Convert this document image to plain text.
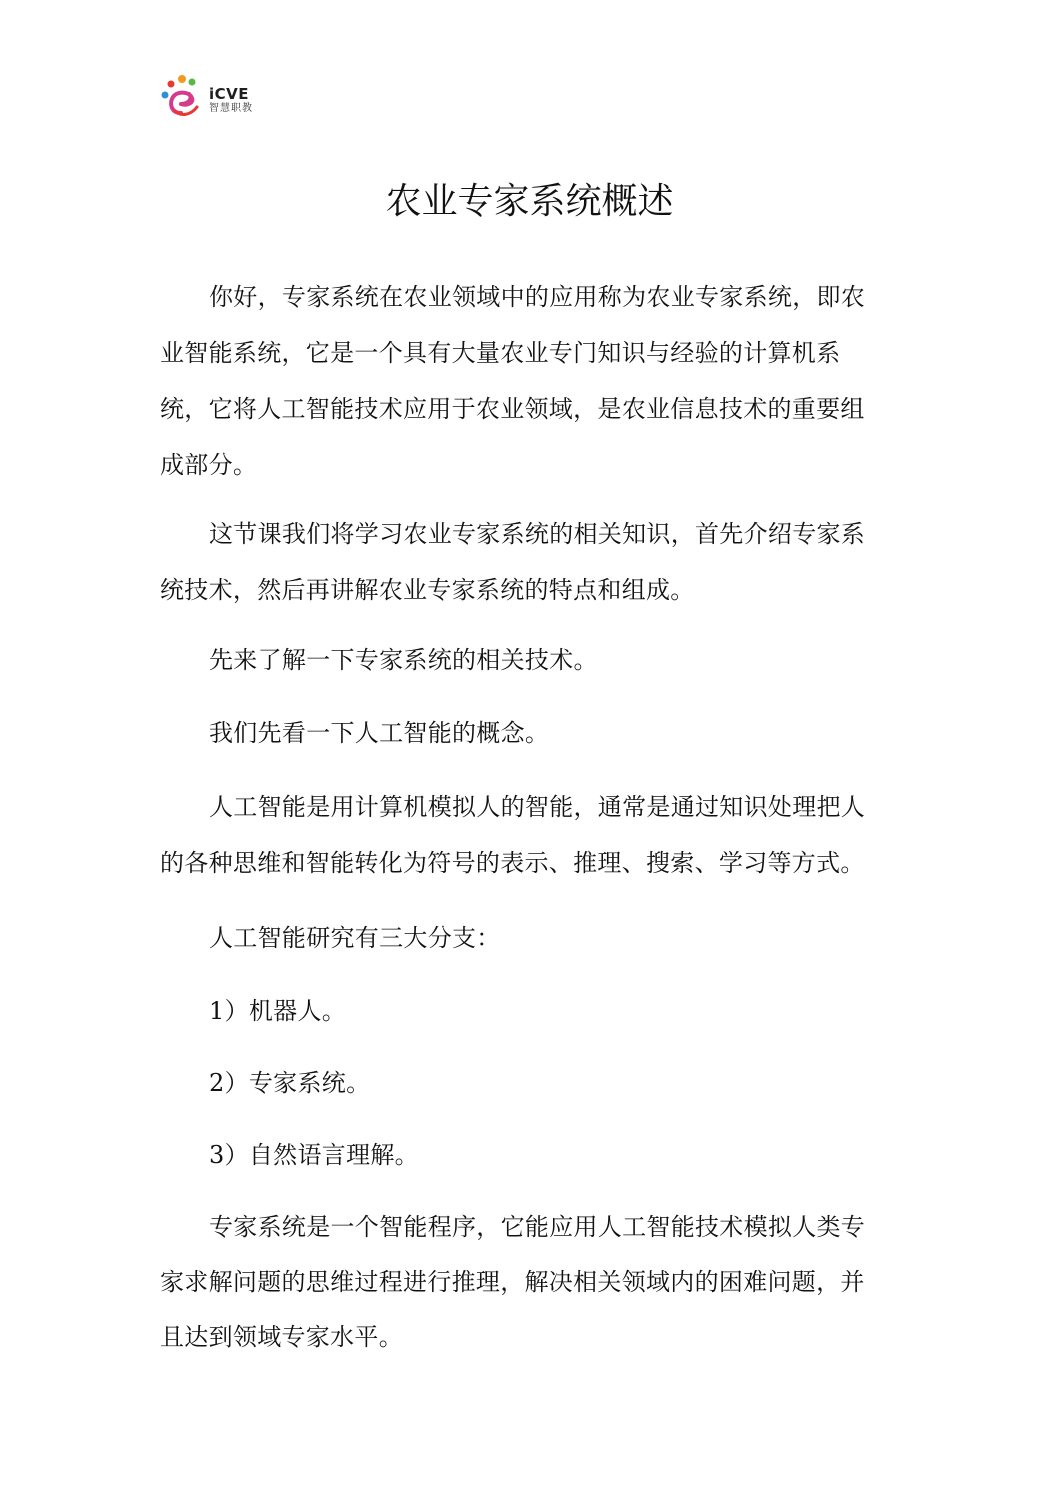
iCVE
智慧职教
农业专家系统概述

你好，专家系统在农业领域中的应用称为农业专家系统，即农业智能系统，它是一个具有大量农业专门知识与经验的计算机系统，它将人工智能技术应用于农业领域，是农业信息技术的重要组成部分。

这节课我们将学习农业专家系统的相关知识，首先介绍专家系统技术，然后再讲解农业专家系统的特点和组成。

先来了解一下专家系统的相关技术。

我们先看一下人工智能的概念。

人工智能是用计算机模拟人的智能，通常是通过知识处理把人的各种思维和智能转化为符号的表示、推理、搜索、学习等方式。

人工智能研究有三大分支：

1）机器人。

2）专家系统。

3）自然语言理解。

专家系统是一个智能程序，它能应用人工智能技术模拟人类专家求解问题的思维过程进行推理，解决相关领域内的困难问题，并且达到领域专家水平。
